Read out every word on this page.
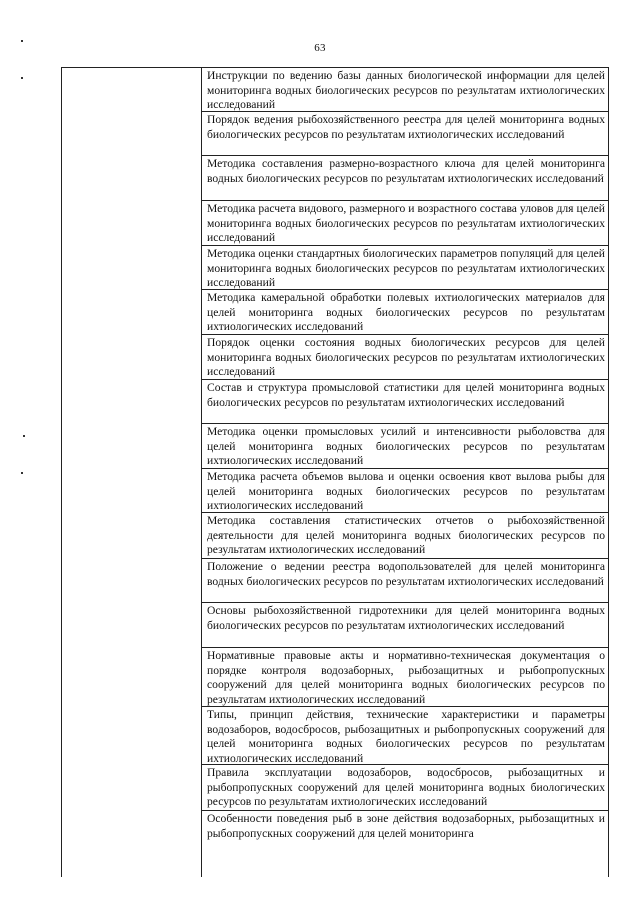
63
Инструкции по ведению базы данных биологической информации для целей мониторинга водных биологических ресурсов по результатам ихтиологических исследований
Порядок ведения рыбохозяйственного реестра для целей мониторинга водных биологических ресурсов по результатам ихтиологических исследований
Методика составления размерно-возрастного ключа для целей мониторинга водных биологических ресурсов по результатам ихтиологических исследований
Методика расчета видового, размерного и возрастного состава уловов для целей мониторинга водных биологических ресурсов по результатам ихтиологических исследований
Методика оценки стандартных биологических параметров популяций для целей мониторинга водных биологических ресурсов по результатам ихтиологических исследований
Методика камеральной обработки полевых ихтиологических материалов для целей мониторинга водных биологических ресурсов по результатам ихтиологических исследований
Порядок оценки состояния водных биологических ресурсов для целей мониторинга водных биологических ресурсов по результатам ихтиологических исследований
Состав и структура промысловой статистики для целей мониторинга водных биологических ресурсов по результатам ихтиологических исследований
Методика оценки промысловых усилий и интенсивности рыболовства для целей мониторинга водных биологических ресурсов по результатам ихтиологических исследований
Методика расчета объемов вылова и оценки освоения квот вылова рыбы для целей мониторинга водных биологических ресурсов по результатам ихтиологических исследований
Методика составления статистических отчетов о рыбохозяйственной деятельности для целей мониторинга водных биологических ресурсов по результатам ихтиологических исследований
Положение о ведении реестра водопользователей для целей мониторинга водных биологических ресурсов по результатам ихтиологических исследований
Основы рыбохозяйственной гидротехники для целей мониторинга водных биологических ресурсов по результатам ихтиологических исследований
Нормативные правовые акты и нормативно-техническая документация о порядке контроля водозаборных, рыбозащитных и рыбопропускных сооружений для целей мониторинга водных биологических ресурсов по результатам ихтиологических исследований
Типы, принцип действия, технические характеристики и параметры водозаборов, водосбросов, рыбозащитных и рыбопропускных сооружений для целей мониторинга водных биологических ресурсов по результатам ихтиологических исследований
Правила эксплуатации водозаборов, водосбросов, рыбозащитных и рыбопропускных сооружений для целей мониторинга водных биологических ресурсов по результатам ихтиологических исследований
Особенности поведения рыб в зоне действия водозаборных, рыбозащитных и рыбопропускных сооружений для целей мониторинга
